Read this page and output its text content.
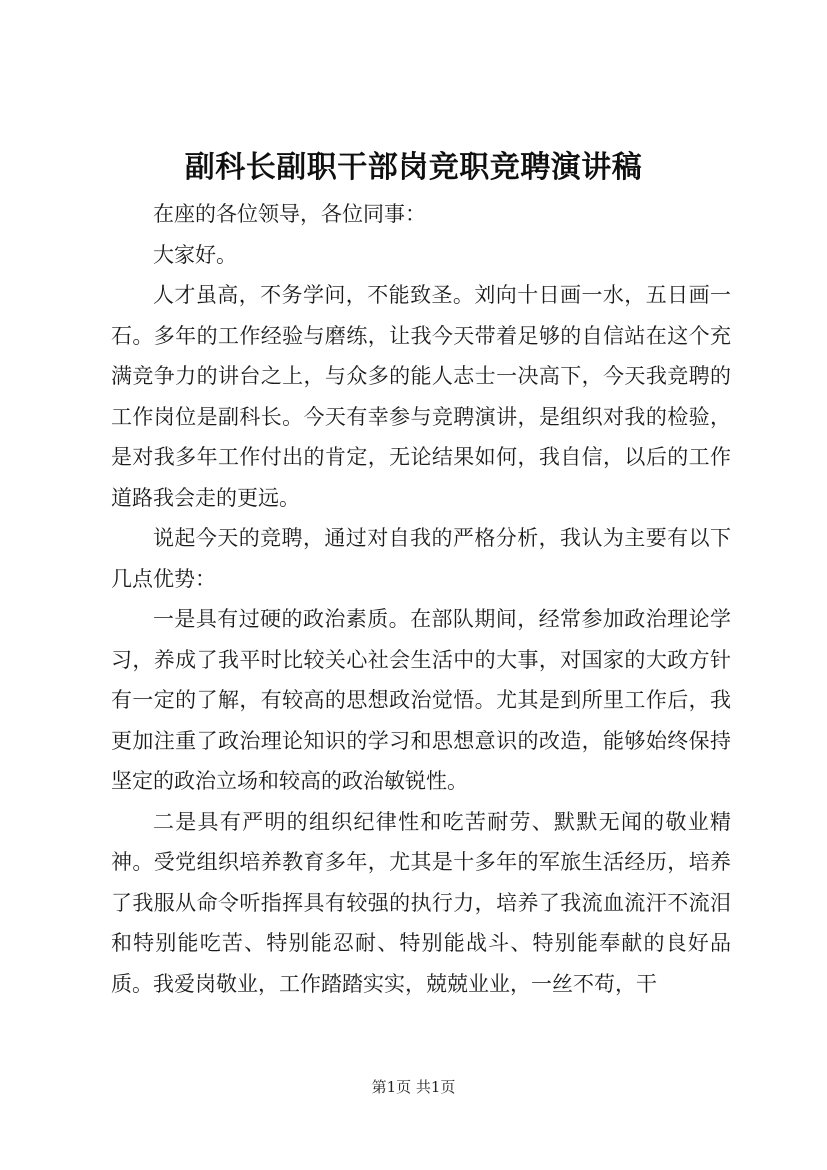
副科长副职干部岗竞职竞聘演讲稿

在座的各位领导，各位同事：

大家好。

人才虽高，不务学问，不能致圣。刘向十日画一水，五日画一石。多年的工作经验与磨练，让我今天带着足够的自信站在这个充满竞争力的讲台之上，与众多的能人志士一决高下，今天我竞聘的工作岗位是副科长。今天有幸参与竞聘演讲，是组织对我的检验，是对我多年工作付出的肯定，无论结果如何，我自信，以后的工作道路我会走的更远。

说起今天的竞聘，通过对自我的严格分析，我认为主要有以下几点优势：

一是具有过硬的政治素质。在部队期间，经常参加政治理论学习，养成了我平时比较关心社会生活中的大事，对国家的大政方针有一定的了解，有较高的思想政治觉悟。尤其是到所里工作后，我更加注重了政治理论知识的学习和思想意识的改造，能够始终保持坚定的政治立场和较高的政治敏锐性。

二是具有严明的组织纪律性和吃苦耐劳、默默无闻的敬业精神。受党组织培养教育多年，尤其是十多年的军旅生活经历，培养了我服从命令听指挥具有较强的执行力，培养了我流血流汗不流泪和特别能吃苦、特别能忍耐、特别能战斗、特别能奉献的良好品质。我爱岗敬业，工作踏踏实实，兢兢业业，一丝不苟，干

第1页 共1页
